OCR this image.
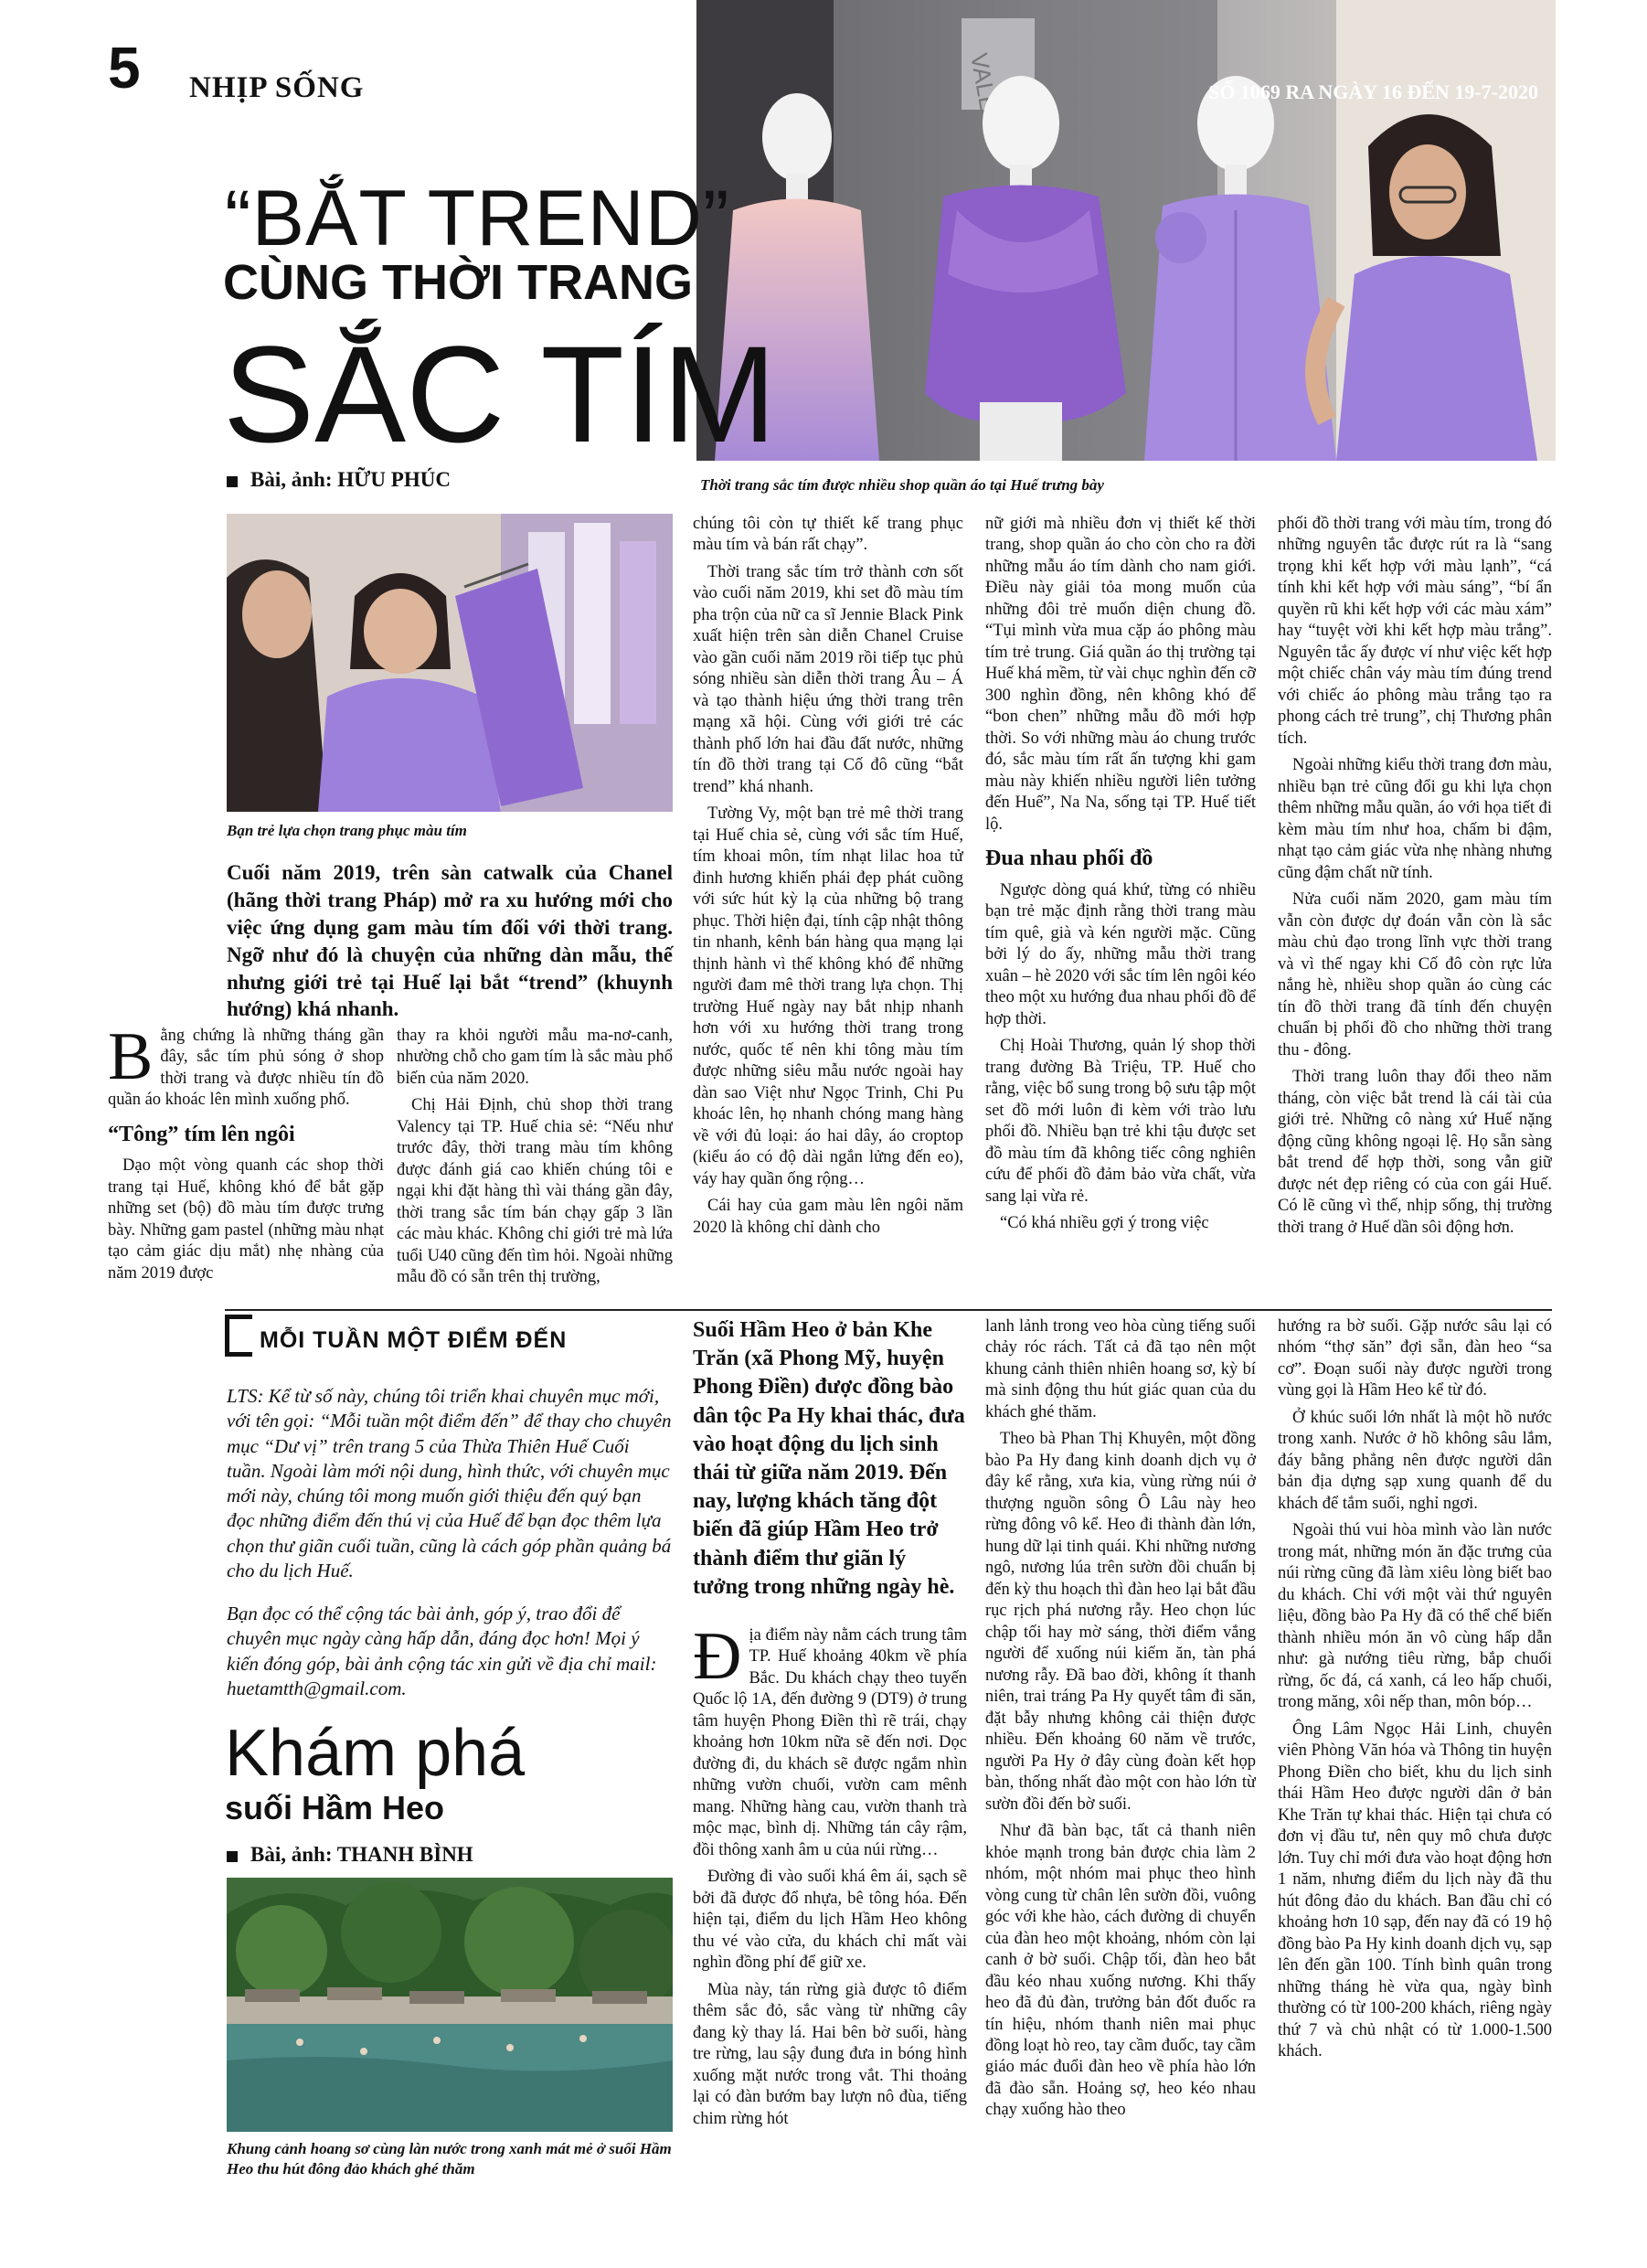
5 NHỊP SỐNG	SỐ 1069 RA NGÀY 16 ĐẾN 19-7-2020
“BẮT TREND”
CÙNG THỜI TRANG
SẮC TÍM
Bài, ảnh: HỮU PHÚC	Thời trang sắc tím được nhiều shop quần áo tại Huế trưng bày
Bạn trẻ lựa chọn trang phục màu tím
Cuối năm 2019, trên sàn catwalk của Chanel (hãng thời trang Pháp) mở ra xu hướng mới cho việc ứng dụng gam màu tím đối với thời trang. Ngỡ như đó là chuyện của những dàn mẫu, thế nhưng giới trẻ tại Huế lại bắt “trend” (khuynh hướng) khá nhanh.

Bằng chứng là những tháng gần đây, sắc tím phủ sóng ở shop thời trang và được nhiều tín đồ quần áo khoác lên mình xuống phố.

“Tông” tím lên ngôi

Dạo một vòng quanh các shop thời trang tại Huế, không khó để bắt gặp những set (bộ) đồ màu tím được trưng bày. Những gam pastel (những màu nhạt tạo cảm giác dịu mắt) nhẹ nhàng của năm 2019 được

thay ra khỏi người mẫu ma-nơ-canh, nhường chỗ cho gam tím là sắc màu phổ biến của năm 2020.

Chị Hải Định, chủ shop thời trang Valency tại TP. Huế chia sẻ: “Nếu như trước đây, thời trang màu tím không được đánh giá cao khiến chúng tôi e ngại khi đặt hàng thì vài tháng gần đây, thời trang sắc tím bán chạy gấp 3 lần các màu khác. Không chỉ giới trẻ mà lứa tuổi U40 cũng đến tìm hỏi. Ngoài những mẫu đồ có sẵn trên thị trường,

chúng tôi còn tự thiết kế trang phục màu tím và bán rất chạy”.

Thời trang sắc tím trở thành cơn sốt vào cuối năm 2019, khi set đồ màu tím pha trộn của nữ ca sĩ Jennie Black Pink xuất hiện trên sàn diễn Chanel Cruise vào gần cuối năm 2019 rồi tiếp tục phủ sóng nhiều sàn diễn thời trang Âu – Á và tạo thành hiệu ứng thời trang trên mạng xã hội. Cùng với giới trẻ các thành phố lớn hai đầu đất nước, những tín đồ thời trang tại Cố đô cũng “bắt trend” khá nhanh.

Tường Vy, một bạn trẻ mê thời trang tại Huế chia sẻ, cùng với sắc tím Huế, tím khoai môn, tím nhạt lilac hoa tử đinh hương khiến phái đẹp phát cuồng với sức hút kỳ lạ của những bộ trang phục. Thời hiện đại, tính cập nhật thông tin nhanh, kênh bán hàng qua mạng lại thịnh hành vì thế không khó để những người đam mê thời trang lựa chọn. Thị trường Huế ngày nay bắt nhịp nhanh hơn với xu hướng thời trang trong nước, quốc tế nên khi tông màu tím được những siêu mẫu nước ngoài hay dàn sao Việt như Ngọc Trinh, Chi Pu khoác lên, họ nhanh chóng mang hàng về với đủ loại: áo hai dây, áo croptop (kiểu áo có độ dài ngắn lửng đến eo), váy hay quần ống rộng…

Cái hay của gam màu lên ngôi năm 2020 là không chỉ dành cho

nữ giới mà nhiều đơn vị thiết kế thời trang, shop quần áo cho còn cho ra đời những mẫu áo tím dành cho nam giới. Điều này giải tỏa mong muốn của những đôi trẻ muốn diện chung đồ. “Tụi mình vừa mua cặp áo phông màu tím trẻ trung. Giá quần áo thị trường tại Huế khá mềm, từ vài chục nghìn đến cỡ 300 nghìn đồng, nên không khó để “bon chen” những mẫu đồ mới hợp thời. So với những màu áo chung trước đó, sắc màu tím rất ấn tượng khi gam màu này khiến nhiều người liên tưởng đến Huế”, Na Na, sống tại TP. Huế tiết lộ.

Đua nhau phối đồ

Ngược dòng quá khứ, từng có nhiều bạn trẻ mặc định rằng thời trang màu tím quê, già và kén người mặc. Cũng bởi lý do ấy, những mẫu thời trang xuân – hè 2020 với sắc tím lên ngôi kéo theo một xu hướng đua nhau phối đồ để hợp thời.

Chị Hoài Thương, quản lý shop thời trang đường Bà Triệu, TP. Huế cho rằng, việc bổ sung trong bộ sưu tập một set đồ mới luôn đi kèm với trào lưu phối đồ. Nhiều bạn trẻ khi tậu được set đồ màu tím đã không tiếc công nghiên cứu để phối đồ đảm bảo vừa chất, vừa sang lại vừa rẻ.

“Có khá nhiều gợi ý trong việc

phối đồ thời trang với màu tím, trong đó những nguyên tắc được rút ra là “sang trọng khi kết hợp với màu lạnh”, “cá tính khi kết hợp với màu sáng”, “bí ẩn quyền rũ khi kết hợp với các màu xám” hay “tuyệt vời khi kết hợp màu trắng”. Nguyên tắc ấy được ví như việc kết hợp một chiếc chân váy màu tím đúng trend với chiếc áo phông màu trắng tạo ra phong cách trẻ trung”, chị Thương phân tích.

Ngoài những kiểu thời trang đơn màu, nhiều bạn trẻ cũng đổi gu khi lựa chọn thêm những mẫu quần, áo với họa tiết đi kèm màu tím như hoa, chấm bi đậm, nhạt tạo cảm giác vừa nhẹ nhàng nhưng cũng đậm chất nữ tính.

Nửa cuối năm 2020, gam màu tím vẫn còn được dự đoán vẫn còn là sắc màu chủ đạo trong lĩnh vực thời trang và vì thế ngay khi Cố đô còn rực lửa nắng hè, nhiều shop quần áo cùng các tín đồ thời trang đã tính đến chuyện chuẩn bị phối đồ cho những thời trang thu - đông.

Thời trang luôn thay đổi theo năm tháng, còn việc bắt trend là cái tài của giới trẻ. Những cô nàng xứ Huế nặng động cũng không ngoại lệ. Họ sẵn sàng bắt trend để hợp thời, song vẫn giữ được nét đẹp riêng có của con gái Huế. Có lẽ cũng vì thế, nhịp sống, thị trường thời trang ở Huế dần sôi động hơn.

MỖI TUẦN MỘT ĐIỂM ĐẾN
LTS: Kể từ số này, chúng tôi triển khai chuyên mục mới, với tên gọi: “Mỗi tuần một điểm đến” để thay cho chuyên mục “Dư vị” trên trang 5 của Thừa Thiên Huế Cuối tuần. Ngoài làm mới nội dung, hình thức, với chuyên mục mới này, chúng tôi mong muốn giới thiệu đến quý bạn đọc những điểm đến thú vị của Huế để bạn đọc thêm lựa chọn thư giãn cuối tuần, cũng là cách góp phần quảng bá cho du lịch Huế.
Bạn đọc có thể cộng tác bài ảnh, góp ý, trao đổi để chuyên mục ngày càng hấp dẫn, đáng đọc hơn! Mọi ý kiến đóng góp, bài ảnh cộng tác xin gửi về địa chỉ mail: huetamtth@gmail.com.
Khám phá
suối Hầm Heo
Bài, ảnh: THANH BÌNH
Khung cảnh hoang sơ cùng làn nước trong xanh mát mẻ ở suối Hầm Heo thu hút đông đảo khách ghé thăm
Suối Hầm Heo ở bản Khe Trăn (xã Phong Mỹ, huyện Phong Điền) được đồng bào dân tộc Pa Hy khai thác, đưa vào hoạt động du lịch sinh thái từ giữa năm 2019. Đến nay, lượng khách tăng đột biến đã giúp Hầm Heo trở thành điểm thư giãn lý tưởng trong những ngày hè.

Địa điểm này nằm cách trung tâm TP. Huế khoảng 40km về phía Bắc. Du khách chạy theo tuyến Quốc lộ 1A, đến đường 9 (DT9) ở trung tâm huyện Phong Điền thì rẽ trái, chạy khoảng hơn 10km nữa sẽ đến nơi. Dọc đường đi, du khách sẽ được ngắm nhìn những vườn chuối, vườn cam mênh mang. Những hàng cau, vườn thanh trà mộc mạc, bình dị. Những tán cây rậm, đồi thông xanh âm u của núi rừng…

Đường đi vào suối khá êm ái, sạch sẽ bởi đã được đổ nhựa, bê tông hóa. Đến hiện tại, điểm du lịch Hầm Heo không thu vé vào cửa, du khách chỉ mất vài nghìn đồng phí để giữ xe.

Mùa này, tán rừng già được tô điểm thêm sắc đỏ, sắc vàng từ những cây đang kỳ thay lá. Hai bên bờ suối, hàng tre rừng, lau sậy đung đưa in bóng hình xuống mặt nước trong vắt. Thi thoảng lại có đàn bướm bay lượn nô đùa, tiếng chim rừng hót

lanh lảnh trong veo hòa cùng tiếng suối chảy róc rách. Tất cả đã tạo nên một khung cảnh thiên nhiên hoang sơ, kỳ bí mà sinh động thu hút giác quan của du khách ghé thăm.

Theo bà Phan Thị Khuyên, một đồng bào Pa Hy đang kinh doanh dịch vụ ở đây kể rằng, xưa kia, vùng rừng núi ở thượng nguồn sông Ô Lâu này heo rừng đông vô kể. Heo đi thành đàn lớn, hung dữ lại tinh quái. Khi những nương ngô, nương lúa trên sườn đồi chuẩn bị đến kỳ thu hoạch thì đàn heo lại bắt đầu rục rịch phá nương rẫy. Heo chọn lúc chập tối hay mờ sáng, thời điểm vắng người để xuống núi kiếm ăn, tàn phá nương rẫy. Đã bao đời, không ít thanh niên, trai tráng Pa Hy quyết tâm đi săn, đặt bẫy nhưng không cải thiện được nhiều. Đến khoảng 60 năm về trước, người Pa Hy ở đây cùng đoàn kết họp bàn, thống nhất đào một con hào lớn từ sườn đồi đến bờ suối.

Như đã bàn bạc, tất cả thanh niên khỏe mạnh trong bản được chia làm 2 nhóm, một nhóm mai phục theo hình vòng cung từ chân lên sườn đồi, vuông góc với khe hào, cách đường di chuyển của đàn heo một khoảng, nhóm còn lại canh ở bờ suối. Chập tối, đàn heo bắt đầu kéo nhau xuống nương. Khi thấy heo đã đủ đàn, trưởng bản đốt đuốc ra tín hiệu, nhóm thanh niên mai phục đồng loạt hò reo, tay cầm đuốc, tay cầm giáo mác đuổi đàn heo về phía hào lớn đã đào sẵn. Hoảng sợ, heo kéo nhau chạy xuống hào theo

hướng ra bờ suối. Gặp nước sâu lại có nhóm “thợ săn” đợi sẵn, đàn heo “sa cơ”. Đoạn suối này được người trong vùng gọi là Hầm Heo kể từ đó.

Ở khúc suối lớn nhất là một hồ nước trong xanh. Nước ở hồ không sâu lắm, đáy bằng phẳng nên được người dân bản địa dựng sạp xung quanh để du khách để tắm suối, nghỉ ngơi.

Ngoài thú vui hòa mình vào làn nước trong mát, những món ăn đặc trưng của núi rừng cũng đã làm xiêu lòng biết bao du khách. Chỉ với một vài thứ nguyên liệu, đồng bào Pa Hy đã có thể chế biến thành nhiều món ăn vô cùng hấp dẫn như: gà nướng tiêu rừng, bắp chuối rừng, ốc đá, cá xanh, cá leo hấp chuối, trong măng, xôi nếp than, môn bóp…

Ông Lâm Ngọc Hải Linh, chuyên viên Phòng Văn hóa và Thông tin huyện Phong Điền cho biết, khu du lịch sinh thái Hầm Heo được người dân ở bản Khe Trăn tự khai thác. Hiện tại chưa có đơn vị đầu tư, nên quy mô chưa được lớn. Tuy chỉ mới đưa vào hoạt động hơn 1 năm, nhưng điểm du lịch này đã thu hút đông đảo du khách. Ban đầu chỉ có khoảng hơn 10 sạp, đến nay đã có 19 hộ đồng bào Pa Hy kinh doanh dịch vụ, sạp lên đến gần 100. Tính bình quân trong những tháng hè vừa qua, ngày bình thường có từ 100-200 khách, riêng ngày thứ 7 và chủ nhật có từ 1.000-1.500 khách.
